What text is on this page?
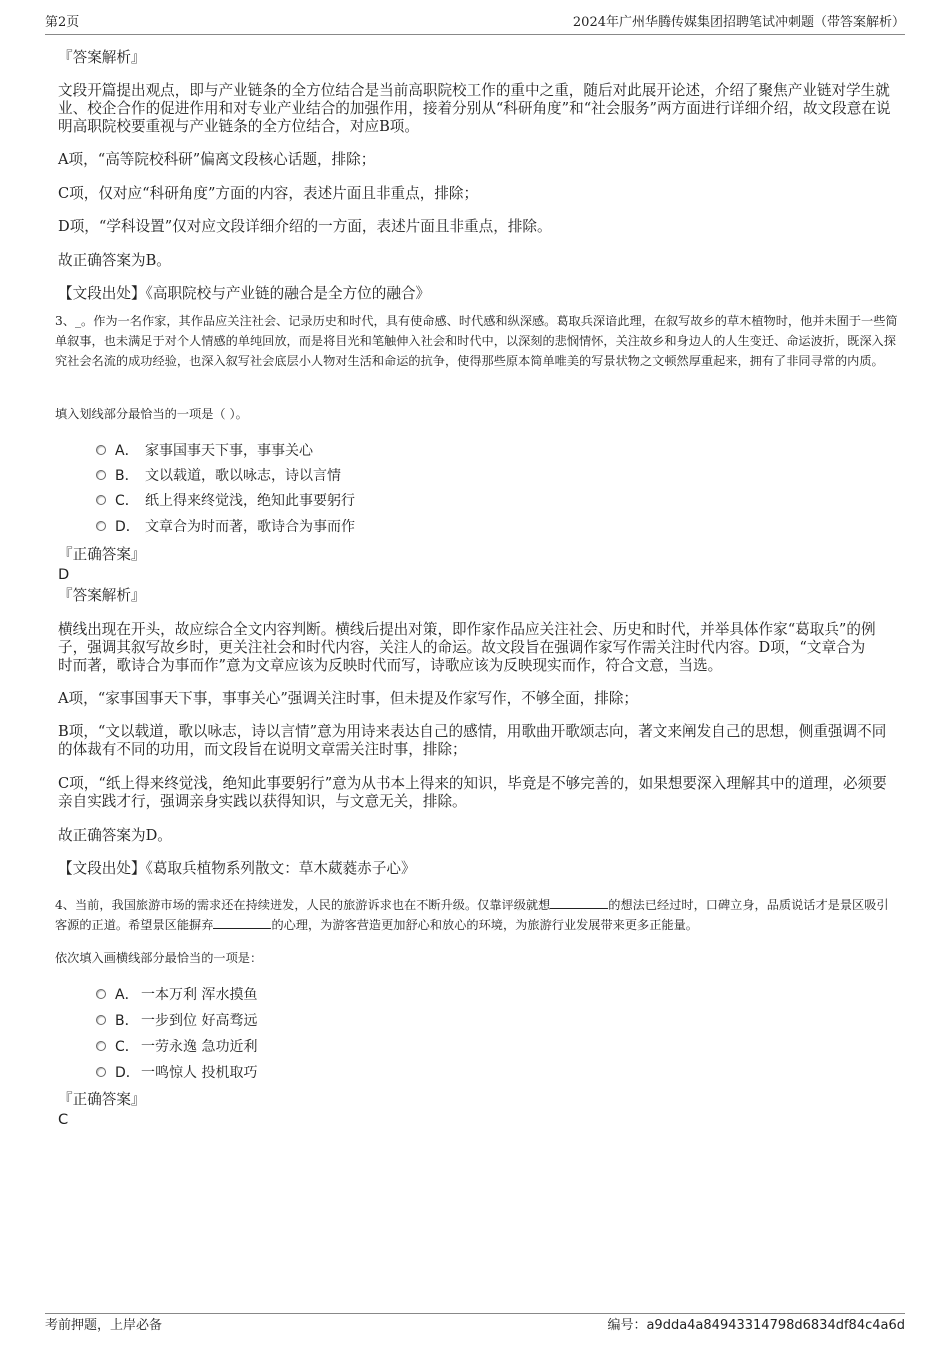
第2页	2024年广州华腾传媒集团招聘笔试冲刺题（带答案解析）
『答案解析』
文段开篇提出观点，即与产业链条的全方位结合是当前高职院校工作的重中之重，随后对此展开论述，介绍了聚焦产业链对学生就业、校企合作的促进作用和对专业产业结合的加强作用，接着分别从“科研角度”和“社会服务”两方面进行详细介绍，故文段意在说明高职院校要重视与产业链条的全方位结合，对应B项。
A项，“高等院校科研”偏离文段核心话题，排除；
C项，仅对应“科研角度”方面的内容，表述片面且非重点，排除；
D项，“学科设置”仅对应文段详细介绍的一方面，表述片面且非重点，排除。
故正确答案为B。
【文段出处】《高职院校与产业链的融合是全方位的融合》
3、_。作为一名作家，其作品应关注社会、记录历史和时代，具有使命感、时代感和纵深感。葛取兵深谙此理，在叙写故乡的草木植物时，他并未囿于一些简单叙事，也未满足于对个人情感的单纯回放，而是将目光和笔触伸入社会和时代中，以深刻的悲悯情怀，关注故乡和身边人的人生变迁、命运波折，既深入探究社会名流的成功经验，也深入叙写社会底层小人物对生活和命运的抗争，使得那些原本简单唯美的写景状物之文顿然厚重起来，拥有了非同寻常的内质。
填入划线部分最恰当的一项是（ ）。
A． 家事国事天下事，事事关心
B． 文以载道，歌以咏志，诗以言情
C． 纸上得来终觉浅，绝知此事要躬行
D． 文章合为时而著，歌诗合为事而作
『正确答案』
D
『答案解析』
横线出现在开头，故应综合全文内容判断。横线后提出对策，即作家作品应关注社会、历史和时代，并举具体作家“葛取兵”的例子，强调其叙写故乡时，更关注社会和时代内容，关注人的命运。故文段旨在强调作家写作需关注时代内容。D项，“文章合为时而著，歌诗合为事而作”意为文章应该为反映时代而写，诗歌应该为反映现实而作，符合文意，当选。
A项，“家事国事天下事，事事关心”强调关注时事，但未提及作家写作，不够全面，排除；
B项，“文以载道，歌以咏志，诗以言情”意为用诗来表达自己的感情，用歌曲开歌颂志向，著文来阐发自己的思想，侧重强调不同的体裁有不同的功用，而文段旨在说明文章需关注时事，排除；
C项，“纸上得来终觉浅，绝知此事要躬行”意为从书本上得来的知识，毕竟是不够完善的，如果想要深入理解其中的道理，必须要亲自实践才行，强调亲身实践以获得知识，与文意无关，排除。
故正确答案为D。
【文段出处】《葛取兵植物系列散文：草木葳蕤赤子心》
4、当前，我国旅游市场的需求还在持续迸发，人民的旅游诉求也在不断升级。仅靠评级就想	的想法已经过时，口碑立身，品质说话才是景区吸引客源的正道。希望景区能摒弃	的心理，为游客营造更加舒心和放心的环境，为旅游行业发展带来更多正能量。
依次填入画横线部分最恰当的一项是：
A． 一本万利 浑水摸鱼
B． 一步到位 好高骛远
C． 一劳永逸 急功近利
D．一鸣惊人 投机取巧
『正确答案』
C
考前押题，上岸必备	编号：a9dda4a84943314798d6834df84c4a6d
